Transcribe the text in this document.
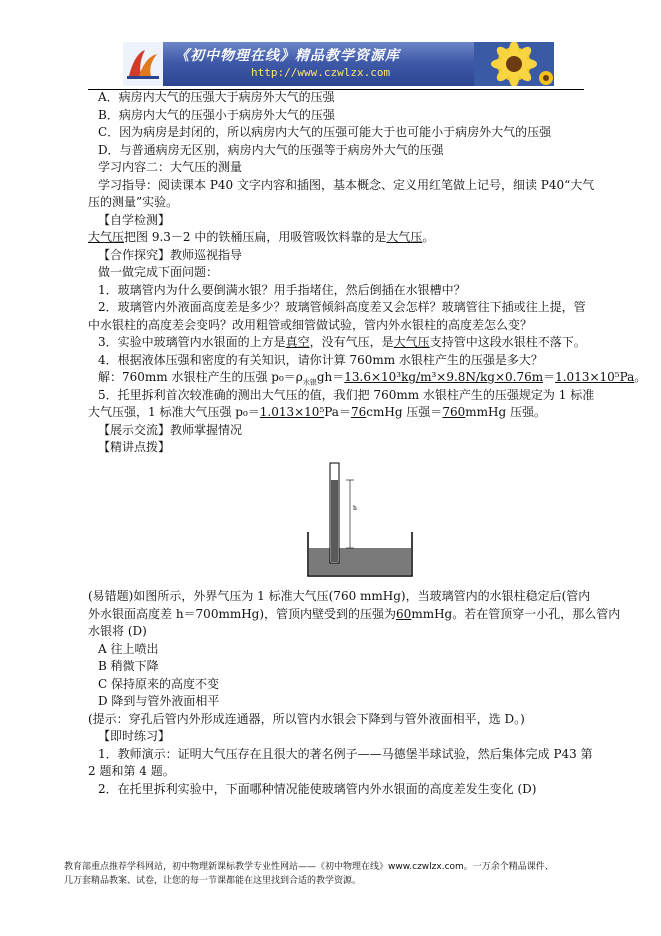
《初中物理在线》精品教学资源库
http://www.czwlzx.com

A．病房内大气的压强大于病房外大气的压强

B．病房内大气的压强小于病房外大气的压强

C．因为病房是封闭的，所以病房内大气的压强可能大于也可能小于病房外大气的压强

D．与普通病房无区别，病房内大气的压强等于病房外大气的压强

学习内容二：大气压的测量

学习指导：阅读课本 P40 文字内容和插图，基本概念、定义用红笔做上记号，细读 P40“大气

压的测量”实验。

【自学检测】

大气压把图 9.3－2 中的铁桶压扁，用吸管吸饮料靠的是大气压。

【合作探究】教师巡视指导

做一做完成下面问题：

1．玻璃管内为什么要倒满水银？用手指堵住，然后倒插在水银槽中？

2．玻璃管内外液面高度差是多少？玻璃管倾斜高度差又会怎样？玻璃管往下插或往上提，管

中水银柱的高度差会变吗？改用粗管或细管做试验，管内外水银柱的高度差怎么变？

3．实验中玻璃管内水银面的上方是真空，没有气压，是大气压支持管中这段水银柱不落下。

4．根据液体压强和密度的有关知识，请你计算 760mm 水银柱产生的压强是多大？

解：760mm 水银柱产生的压强 $p_0=\rho_{水银}gh=13.6\times 10^3kg/m^3\times 9.8N/kg\times 0.76m=1.013\times 10^5Pa$。

5．托里拆利首次较准确的测出大气压的值，我们把 760mm 水银柱产生的压强规定为 1 标准

大气压强，1 标准大气压强 p₀＝1.013×10⁵Pa＝76cmHg 压强＝760mmHg 压强。

【展示交流】教师掌握情况

【精讲点拨】

h

(易错题)如图所示，外界气压为 1 标准大气压(760 mmHg)，当玻璃管内的水银柱稳定后(管内

外水银面高度差 h＝700mmHg)，管顶内壁受到的压强为60mmHg。若在管顶穿一小孔，那么管内

水银将 (D)

A 往上喷出

B 稍微下降

C 保持原来的高度不变

D 降到与管外液面相平

(提示：穿孔后管内外形成连通器，所以管内水银会下降到与管外液面相平，选 D。)

【即时练习】

1．教师演示：证明大气压存在且很大的著名例子——马德堡半球试验，然后集体完成 P43 第

2 题和第 4 题。

2．在托里拆利实验中，下面哪种情况能使玻璃管内外水银面的高度差发生变化 (D)

教育部重点推荐学科网站，初中物理新课标教学专业性网站——《初中物理在线》www.czwlzx.com。一万余个精品课件、

几万套精品教案、试卷，让您的每一节课都能在这里找到合适的教学资源。
